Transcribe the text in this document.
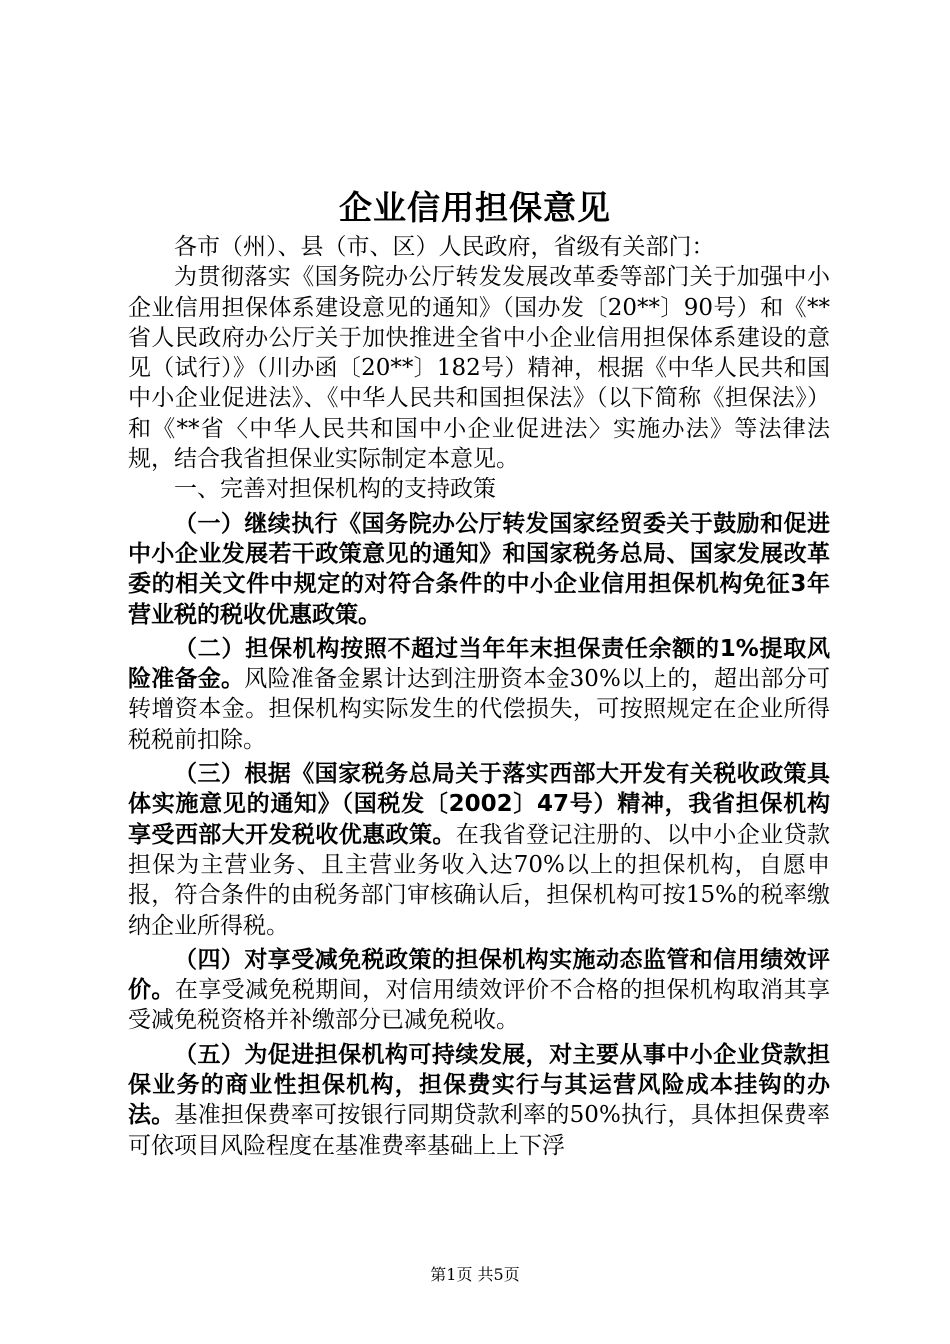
企业信用担保意见

各市（州）、县（市、区）人民政府，省级有关部门：

为贯彻落实《国务院办公厅转发发展改革委等部门关于加强中小企业信用担保体系建设意见的通知》（国办发〔20**〕90号）和《**省人民政府办公厅关于加快推进全省中小企业信用担保体系建设的意见（试行）》（川办函〔20**〕182号）精神，根据《中华人民共和国中小企业促进法》、《中华人民共和国担保法》（以下简称《担保法》）和《**省〈中华人民共和国中小企业促进法〉实施办法》等法律法规，结合我省担保业实际制定本意见。

一、完善对担保机构的支持政策

（一）继续执行《国务院办公厅转发国家经贸委关于鼓励和促进中小企业发展若干政策意见的通知》和国家税务总局、国家发展改革委的相关文件中规定的对符合条件的中小企业信用担保机构免征3年营业税的税收优惠政策。

（二）担保机构按照不超过当年年末担保责任余额的1%提取风险准备金。风险准备金累计达到注册资本金30%以上的，超出部分可转增资本金。担保机构实际发生的代偿损失，可按照规定在企业所得税税前扣除。

（三）根据《国家税务总局关于落实西部大开发有关税收政策具体实施意见的通知》（国税发〔2002〕47号）精神，我省担保机构享受西部大开发税收优惠政策。在我省登记注册的、以中小企业贷款担保为主营业务、且主营业务收入达70%以上的担保机构，自愿申报，符合条件的由税务部门审核确认后，担保机构可按15%的税率缴纳企业所得税。

（四）对享受减免税政策的担保机构实施动态监管和信用绩效评价。在享受减免税期间，对信用绩效评价不合格的担保机构取消其享受减免税资格并补缴部分已减免税收。

（五）为促进担保机构可持续发展，对主要从事中小企业贷款担保业务的商业性担保机构，担保费实行与其运营风险成本挂钩的办法。基准担保费率可按银行同期贷款利率的50%执行，具体担保费率可依项目风险程度在基准费率基础上上下浮

第1页 共5页
